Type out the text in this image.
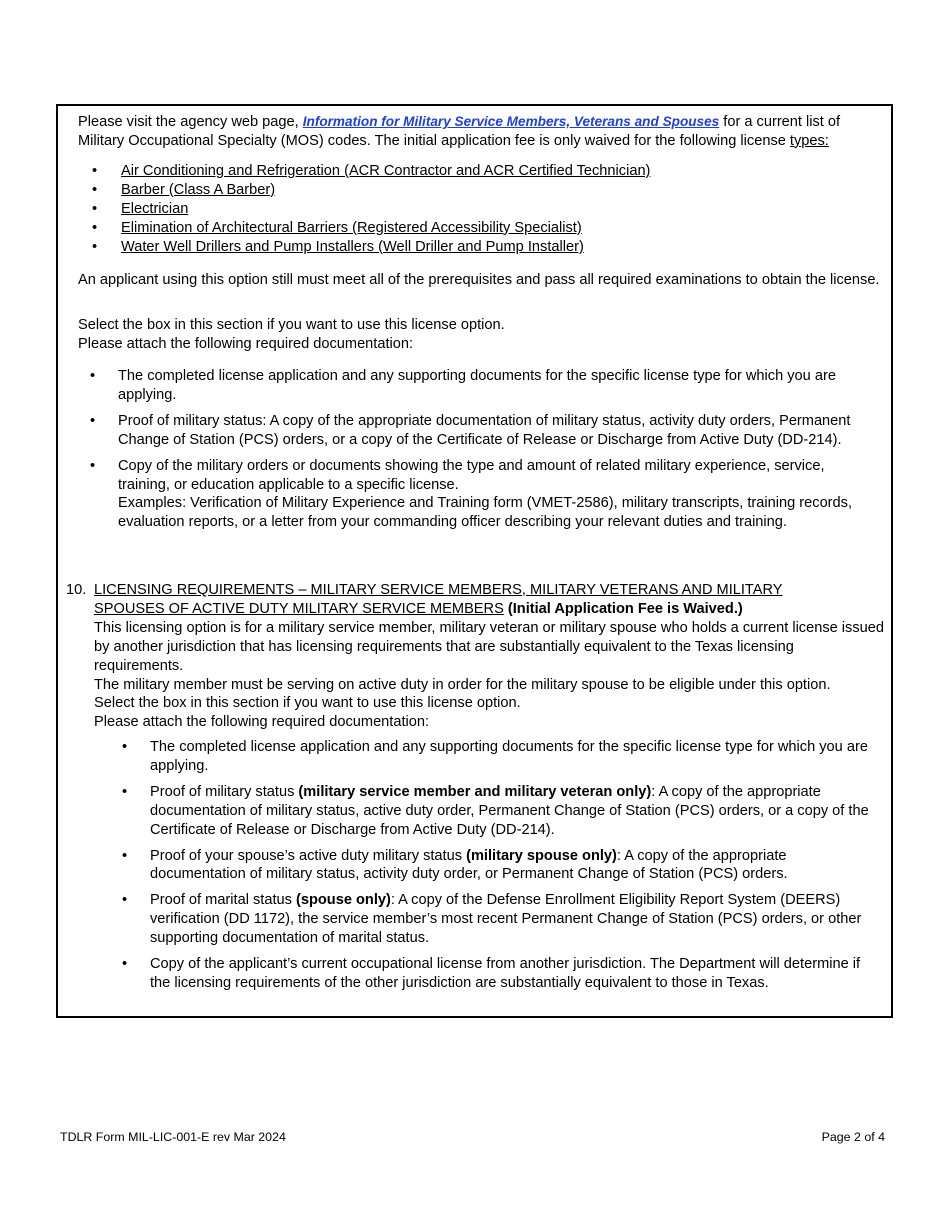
Please visit the agency web page, Information for Military Service Members, Veterans and Spouses for a current list of Military Occupational Specialty (MOS) codes. The initial application fee is only waived for the following license types:

• Air Conditioning and Refrigeration (ACR Contractor and ACR Certified Technician)
• Barber (Class A Barber)
• Electrician
• Elimination of Architectural Barriers (Registered Accessibility Specialist)
• Water Well Drillers and Pump Installers (Well Driller and Pump Installer)

An applicant using this option still must meet all of the prerequisites and pass all required examinations to obtain the license.

Select the box in this section if you want to use this license option.

Please attach the following required documentation:

• The completed license application and any supporting documents for the specific license type for which you are applying.
• Proof of military status: A copy of the appropriate documentation of military status, activity duty orders, Permanent Change of Station (PCS) orders, or a copy of the Certificate of Release or Discharge from Active Duty (DD-214).
• Copy of the military orders or documents showing the type and amount of related military experience, service, training, or education applicable to a specific license.
Examples: Verification of Military Experience and Training form (VMET-2586), military transcripts, training records, evaluation reports, or a letter from your commanding officer describing your relevant duties and training.
10. LICENSING REQUIREMENTS – MILITARY SERVICE MEMBERS, MILITARY VETERANS AND MILITARY
SPOUSES OF ACTIVE DUTY MILITARY SERVICE MEMBERS (Initial Application Fee is Waived.)
This licensing option is for a military service member, military veteran or military spouse who holds a current license issued by another jurisdiction that has licensing requirements that are substantially equivalent to the Texas licensing requirements.
The military member must be serving on active duty in order for the military spouse to be eligible under this option.
Select the box in this section if you want to use this license option.
Please attach the following required documentation:
• The completed license application and any supporting documents for the specific license type for which you are applying.
• Proof of military status (military service member and military veteran only): A copy of the appropriate documentation of military status, active duty order, Permanent Change of Station (PCS) orders, or a copy of the Certificate of Release or Discharge from Active Duty (DD-214).
• Proof of your spouse’s active duty military status (military spouse only): A copy of the appropriate documentation of military status, activity duty order, or Permanent Change of Station (PCS) orders.
• Proof of marital status (spouse only): A copy of the Defense Enrollment Eligibility Report System (DEERS) verification (DD 1172), the service member’s most recent Permanent Change of Station (PCS) orders, or other supporting documentation of marital status.
• Copy of the applicant’s current occupational license from another jurisdiction. The Department will determine if the licensing requirements of the other jurisdiction are substantially equivalent to those in Texas.
TDLR Form MIL-LIC-001-E rev Mar 2024	Page 2 of 4
